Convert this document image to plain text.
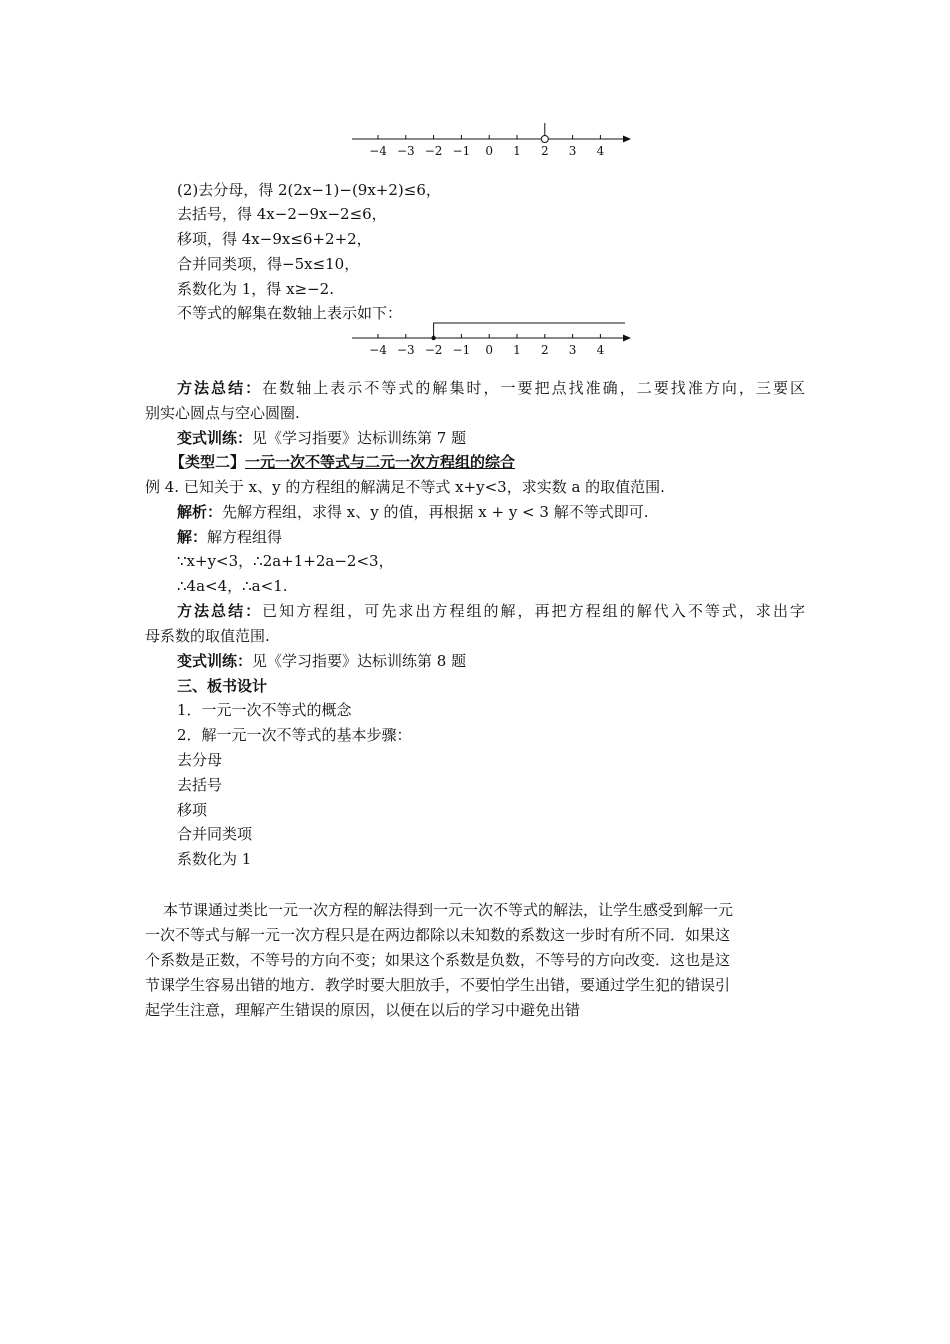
−4 −3 −2 −1 0 1 2 3 4
(2)去分母，得 2(2x−1)−(9x+2)≤6，
去括号，得 4x−2−9x−2≤6，
移项，得 4x−9x≤6+2+2，
合并同类项，得−5x≤10，
系数化为 1，得 x≥−2.
不等式的解集在数轴上表示如下：
−4 −3 −2 −1 0 1 2 3 4
方法总结：在数轴上表示不等式的解集时，一要把点找准确，二要找准方向，三要区
别实心圆点与空心圆圈.
变式训练：见《学习指要》达标训练第 7 题
【类型二】一元一次不等式与二元一次方程组的综合
例 4. 已知关于 x、y 的方程组的解满足不等式 x+y<3，求实数 a 的取值范围.
解析：先解方程组，求得 x、y 的值，再根据 x + y < 3 解不等式即可.
解：解方程组得
∵x+y<3，∴2a+1+2a−2<3，
∴4a<4，∴a<1.
方法总结：已知方程组，可先求出方程组的解，再把方程组的解代入不等式，求出字
母系数的取值范围.
变式训练：见《学习指要》达标训练第 8 题
三、板书设计
1．一元一次不等式的概念
2．解一元一次不等式的基本步骤：
去分母
去括号
移项
合并同类项
系数化为 1
本节课通过类比一元一次方程的解法得到一元一次不等式的解法，让学生感受到解一元
一次不等式与解一元一次方程只是在两边都除以未知数的系数这一步时有所不同．如果这
个系数是正数，不等号的方向不变；如果这个系数是负数，不等号的方向改变．这也是这
节课学生容易出错的地方．教学时要大胆放手，不要怕学生出错，要通过学生犯的错误引
起学生注意，理解产生错误的原因，以便在以后的学习中避免出错
